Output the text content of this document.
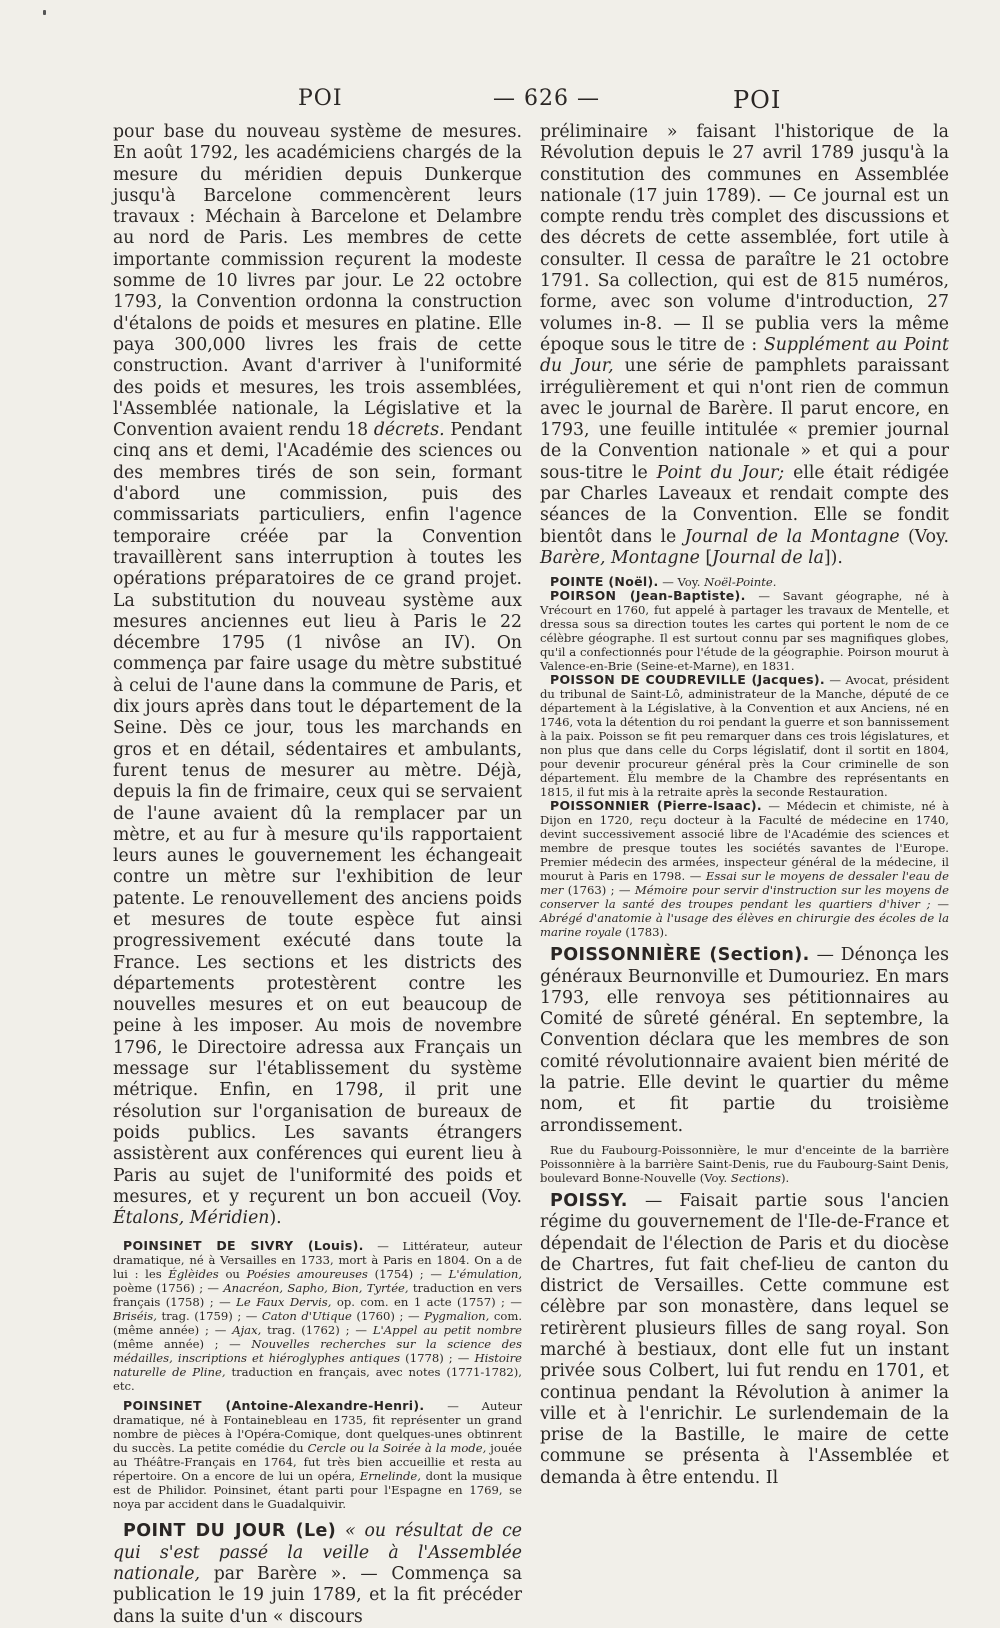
POI	— 626 —	POI

pour base du nouveau système de mesures. En août 1792, les académiciens chargés de la mesure du méridien depuis Dunkerque jusqu'à Barcelone commencèrent leurs travaux : Méchain à Barcelone et Delambre au nord de Paris. Les membres de cette importante commission reçurent la modeste somme de 10 livres par jour. Le 22 octobre 1793, la Convention ordonna la construction d'étalons de poids et mesures en platine. Elle paya 300,000 livres les frais de cette construction. Avant d'arriver à l'uniformité des poids et mesures, les trois assemblées, l'Assemblée nationale, la Législative et la Convention avaient rendu 18 décrets. Pendant cinq ans et demi, l'Académie des sciences ou des membres tirés de son sein, formant d'abord une commission, puis des commissariats particuliers, enfin l'agence temporaire créée par la Convention travaillèrent sans interruption à toutes les opérations préparatoires de ce grand projet. La substitution du nouveau système aux mesures anciennes eut lieu à Paris le 22 décembre 1795 (1 nivôse an IV). On commença par faire usage du mètre substitué à celui de l'aune dans la commune de Paris, et dix jours après dans tout le département de la Seine. Dès ce jour, tous les marchands en gros et en détail, sédentaires et ambulants, furent tenus de mesurer au mètre. Déjà, depuis la fin de frimaire, ceux qui se servaient de l'aune avaient dû la remplacer par un mètre, et au fur à mesure qu'ils rapportaient leurs aunes le gouvernement les échangeait contre un mètre sur l'exhibition de leur patente. Le renouvellement des anciens poids et mesures de toute espèce fut ainsi progressivement exécuté dans toute la France. Les sections et les districts des départements protestèrent contre les nouvelles mesures et on eut beaucoup de peine à les imposer. Au mois de novembre 1796, le Directoire adressa aux Français un message sur l'établissement du système métrique. Enfin, en 1798, il prit une résolution sur l'organisation de bureaux de poids publics. Les savants étrangers assistèrent aux conférences qui eurent lieu à Paris au sujet de l'uniformité des poids et mesures, et y reçurent un bon accueil (Voy. Étalons, Méridien).

POINSINET DE SIVRY (Louis). — Littérateur, auteur dramatique, né à Versailles en 1733, mort à Paris en 1804. On a de lui : les Églèides ou Poésies amoureuses (1754) ; — L'émulation, poème (1756) ; — Anacréon, Sapho, Bion, Tyrtée, traduction en vers français (1758) ; — Le Faux Dervis, op. com. en 1 acte (1757) ; — Briséis, trag. (1759) ; — Caton d'Utique (1760) ; — Pygmalion, com. (même année) ; — Ajax, trag. (1762) ; — L'Appel au petit nombre (même année) ; — Nouvelles recherches sur la science des médailles, inscriptions et hiéroglyphes antiques (1778) ; — Histoire naturelle de Pline, traduction en français, avec notes (1771-1782), etc.

POINSINET (Antoine-Alexandre-Henri). — Auteur dramatique, né à Fontainebleau en 1735, fit représenter un grand nombre de pièces à l'Opéra-Comique, dont quelques-unes obtinrent du succès. La petite comédie du Cercle ou la Soirée à la mode, jouée au Théâtre-Français en 1764, fut très bien accueillie et resta au répertoire. On a encore de lui un opéra, Ernelinde, dont la musique est de Philidor. Poinsinet, étant parti pour l'Espagne en 1769, se noya par accident dans le Guadalquivir.

POINT DU JOUR (Le) « ou résultat de ce qui s'est passé la veille à l'Assemblée nationale, par Barère ». — Commença sa publication le 19 juin 1789, et la fit précéder dans la suite d'un « discours

préliminaire » faisant l'historique de la Révolution depuis le 27 avril 1789 jusqu'à la constitution des communes en Assemblée nationale (17 juin 1789). — Ce journal est un compte rendu très complet des discussions et des décrets de cette assemblée, fort utile à consulter. Il cessa de paraître le 21 octobre 1791. Sa collection, qui est de 815 numéros, forme, avec son volume d'introduction, 27 volumes in-8. — Il se publia vers la même époque sous le titre de : Supplément au Point du Jour, une série de pamphlets paraissant irrégulièrement et qui n'ont rien de commun avec le journal de Barère. Il parut encore, en 1793, une feuille intitulée « premier journal de la Convention nationale » et qui a pour sous-titre le Point du Jour; elle était rédigée par Charles Laveaux et rendait compte des séances de la Convention. Elle se fondit bientôt dans le Journal de la Montagne (Voy. Barère, Montagne [Journal de la]).

POINTE (Noël). — Voy. Noël-Pointe.

POIRSON (Jean-Baptiste). — Savant géographe, né à Vrécourt en 1760, fut appelé à partager les travaux de Mentelle, et dressa sous sa direction toutes les cartes qui portent le nom de ce célèbre géographe. Il est surtout connu par ses magnifiques globes, qu'il a confectionnés pour l'étude de la géographie. Poirson mourut à Valence-en-Brie (Seine-et-Marne), en 1831.

POISSON DE COUDREVILLE (Jacques). — Avocat, président du tribunal de Saint-Lô, administrateur de la Manche, député de ce département à la Législative, à la Convention et aux Anciens, né en 1746, vota la détention du roi pendant la guerre et son bannissement à la paix. Poisson se fit peu remarquer dans ces trois législatures, et non plus que dans celle du Corps législatif, dont il sortit en 1804, pour devenir procureur général près la Cour criminelle de son département. Élu membre de la Chambre des représentants en 1815, il fut mis à la retraite après la seconde Restauration.

POISSONNIER (Pierre-Isaac). — Médecin et chimiste, né à Dijon en 1720, reçu docteur à la Faculté de médecine en 1740, devint successivement associé libre de l'Académie des sciences et membre de presque toutes les sociétés savantes de l'Europe. Premier médecin des armées, inspecteur général de la médecine, il mourut à Paris en 1798. — Essai sur le moyens de dessaler l'eau de mer (1763) ; — Mémoire pour servir d'instruction sur les moyens de conserver la santé des troupes pendant les quartiers d'hiver ; — Abrégé d'anatomie à l'usage des élèves en chirurgie des écoles de la marine royale (1783).

POISSONNIÈRE (Section). — Dénonça les généraux Beurnonville et Dumouriez. En mars 1793, elle renvoya ses pétitionnaires au Comité de sûreté général. En septembre, la Convention déclara que les membres de son comité révolutionnaire avaient bien mérité de la patrie. Elle devint le quartier du même nom, et fit partie du troisième arrondissement.

Rue du Faubourg-Poissonnière, le mur d'enceinte de la barrière Poissonnière à la barrière Saint-Denis, rue du Faubourg-Saint Denis, boulevard Bonne-Nouvelle (Voy. Sections).

POISSY. — Faisait partie sous l'ancien régime du gouvernement de l'Ile-de-France et dépendait de l'élection de Paris et du diocèse de Chartres, fut fait chef-lieu de canton du district de Versailles. Cette commune est célèbre par son monastère, dans lequel se retirèrent plusieurs filles de sang royal. Son marché à bestiaux, dont elle fut un instant privée sous Colbert, lui fut rendu en 1701, et continua pendant la Révolution à animer la ville et à l'enrichir. Le surlendemain de la prise de la Bastille, le maire de cette commune se présenta à l'Assemblée et demanda à être entendu. Il
